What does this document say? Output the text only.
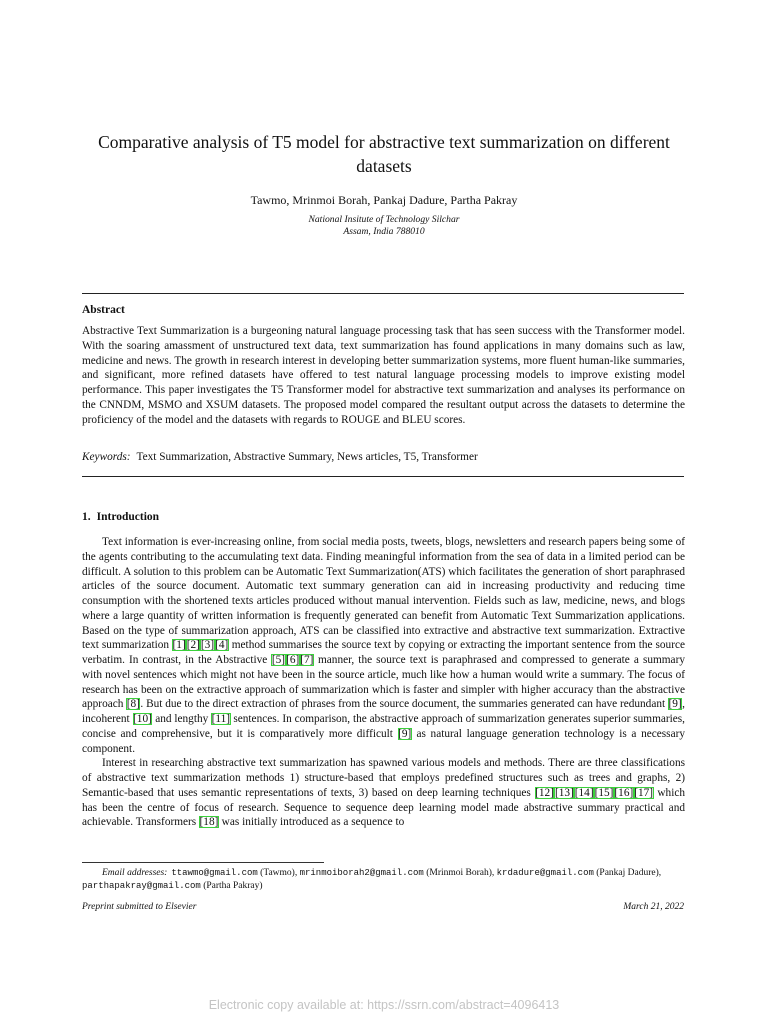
Comparative analysis of T5 model for abstractive text summarization on different datasets
Tawmo, Mrinmoi Borah, Pankaj Dadure, Partha Pakray
National Insitute of Technology Silchar
Assam, India 788010
Abstract
Abstractive Text Summarization is a burgeoning natural language processing task that has seen success with the Transformer model. With the soaring amassment of unstructured text data, text summarization has found applications in many domains such as law, medicine and news. The growth in research interest in developing better summarization systems, more fluent human-like summaries, and significant, more refined datasets have offered to test natural language processing models to improve existing model performance. This paper investigates the T5 Transformer model for abstractive text summarization and analyses its performance on the CNNDM, MSMO and XSUM datasets. The proposed model compared the resultant output across the datasets to determine the proficiency of the model and the datasets with regards to ROUGE and BLEU scores.
Keywords: Text Summarization, Abstractive Summary, News articles, T5, Transformer
1. Introduction

Text information is ever-increasing online, from social media posts, tweets, blogs, newsletters and research papers being some of the agents contributing to the accumulating text data. Finding meaningful information from the sea of data in a limited period can be difficult. A solution to this problem can be Automatic Text Summarization(ATS) which facilitates the generation of short paraphrased articles of the source document. Automatic text summary generation can aid in increasing productivity and reducing time consumption with the shortened texts articles produced without manual intervention. Fields such as law, medicine, news, and blogs where a large quantity of written information is frequently generated can benefit from Automatic Text Summarization applications. Based on the type of summarization approach, ATS can be classified into extractive and abstractive text summarization. Extractive text summarization [1][2][3][4] method summarises the source text by copying or extracting the important sentence from the source verbatim. In contrast, in the Abstractive [5][6][7] manner, the source text is paraphrased and compressed to generate a summary with novel sentences which might not have been in the source article, much like how a human would write a summary. The focus of research has been on the extractive approach of summarization which is faster and simpler with higher accuracy than the abstractive approach [8]. But due to the direct extraction of phrases from the source document, the summaries generated can have redundant [9], incoherent [10] and lengthy [11] sentences. In comparison, the abstractive approach of summarization generates superior summaries, concise and comprehensive, but it is comparatively more difficult [9] as natural language generation technology is a necessary component.

Interest in researching abstractive text summarization has spawned various models and methods. There are three classifications of abstractive text summarization methods 1) structure-based that employs predefined structures such as trees and graphs, 2) Semantic-based that uses semantic representations of texts, 3) based on deep learning techniques [12][13][14][15][16][17] which has been the centre of focus of research. Sequence to sequence deep learning model made abstractive summary practical and achievable. Transformers [18] was initially introduced as a sequence to

Email addresses: ttawmo@gmail.com (Tawmo), mrinmoiborah2@gmail.com (Mrinmoi Borah), krdadure@gmail.com (Pankaj Dadure), parthapakray@gmail.com (Partha Pakray)
Preprint submitted to Elsevier	March 21, 2022
Electronic copy available at: https://ssrn.com/abstract=4096413
